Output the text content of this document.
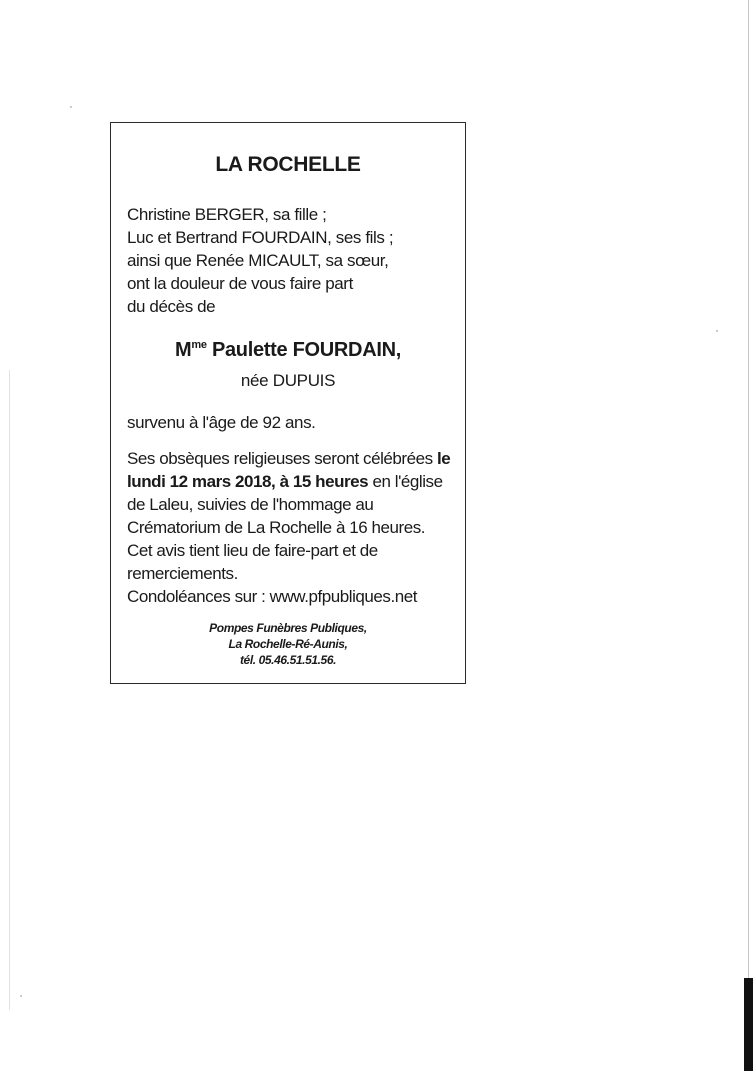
LA ROCHELLE
Christine BERGER, sa fille ;
Luc et Bertrand FOURDAIN, ses fils ;
ainsi que Renée MICAULT, sa sœur,
ont la douleur de vous faire part
du décès de
$M^{me}$ Paulette FOURDAIN,
née DUPUIS
survenu à l'âge de 92 ans.
Ses obsèques religieuses seront célébrées le lundi 12 mars 2018, à 15 heures en l'église de Laleu, suivies de l'hommage au Crématorium de La Rochelle à 16 heures.
Cet avis tient lieu de faire-part et de remerciements.
Condoléances sur : www.pfpubliques.net
Pompes Funèbres Publiques,
La Rochelle-Ré-Aunis,
tél. 05.46.51.51.56.
